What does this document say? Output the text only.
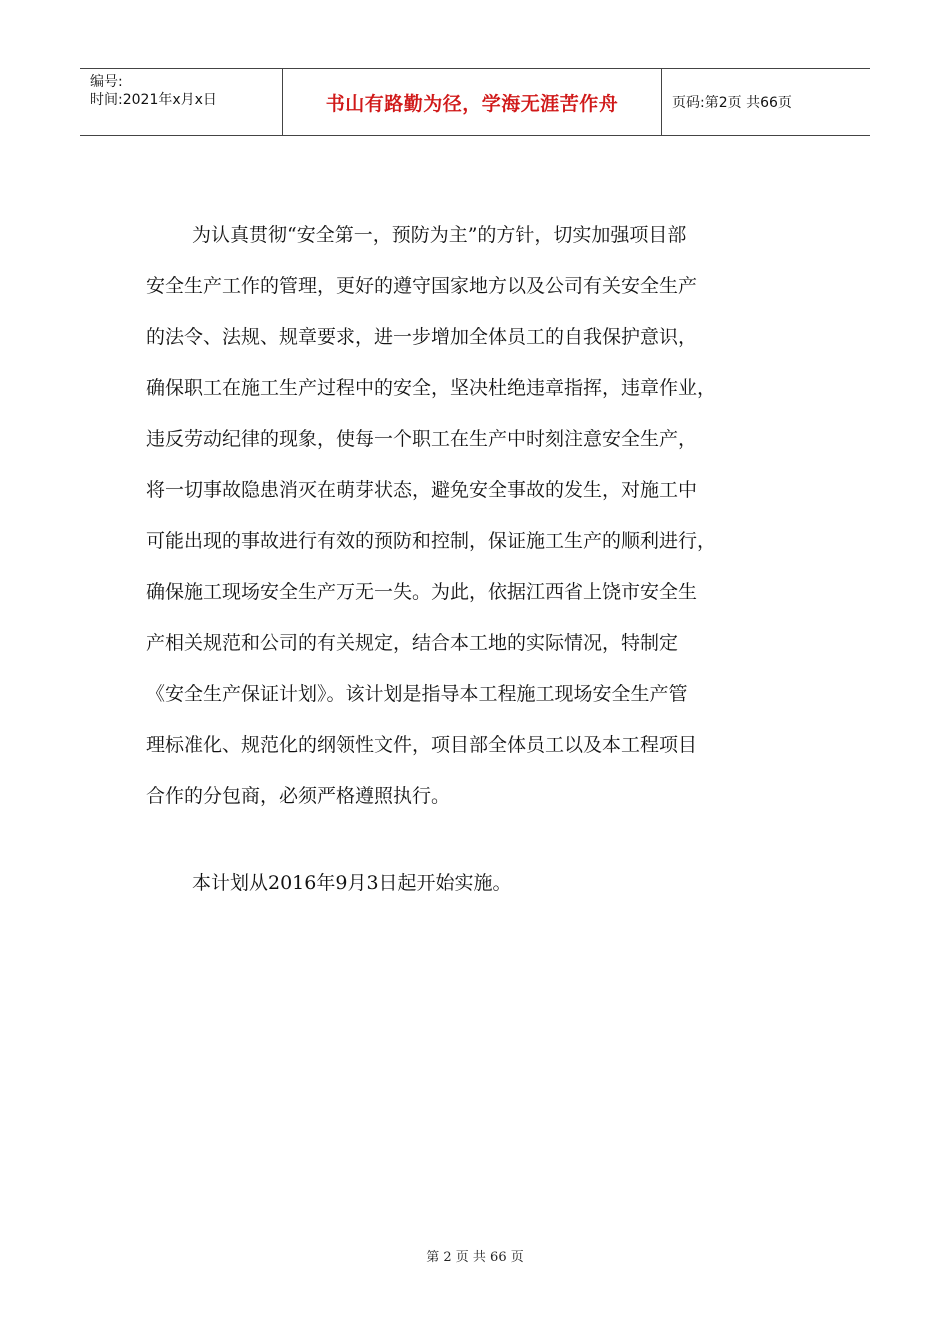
编号:
时间:2021年x月x日	书山有路勤为径，学海无涯苦作舟	页码:第2页 共66页
为认真贯彻“安全第一，预防为主”的方针，切实加强项目部
安全生产工作的管理，更好的遵守国家地方以及公司有关安全生产
的法令、法规、规章要求，进一步增加全体员工的自我保护意识，
确保职工在施工生产过程中的安全，坚决杜绝违章指挥，违章作业，
违反劳动纪律的现象，使每一个职工在生产中时刻注意安全生产，
将一切事故隐患消灭在萌芽状态，避免安全事故的发生，对施工中
可能出现的事故进行有效的预防和控制，保证施工生产的顺利进行，
确保施工现场安全生产万无一失。为此，依据江西省上饶市安全生
产相关规范和公司的有关规定，结合本工地的实际情况，特制定
《安全生产保证计划》。该计划是指导本工程施工现场安全生产管
理标准化、规范化的纲领性文件，项目部全体员工以及本工程项目
合作的分包商，必须严格遵照执行。
本计划从2016年9月3日起开始实施。
第 2 页 共 66 页
